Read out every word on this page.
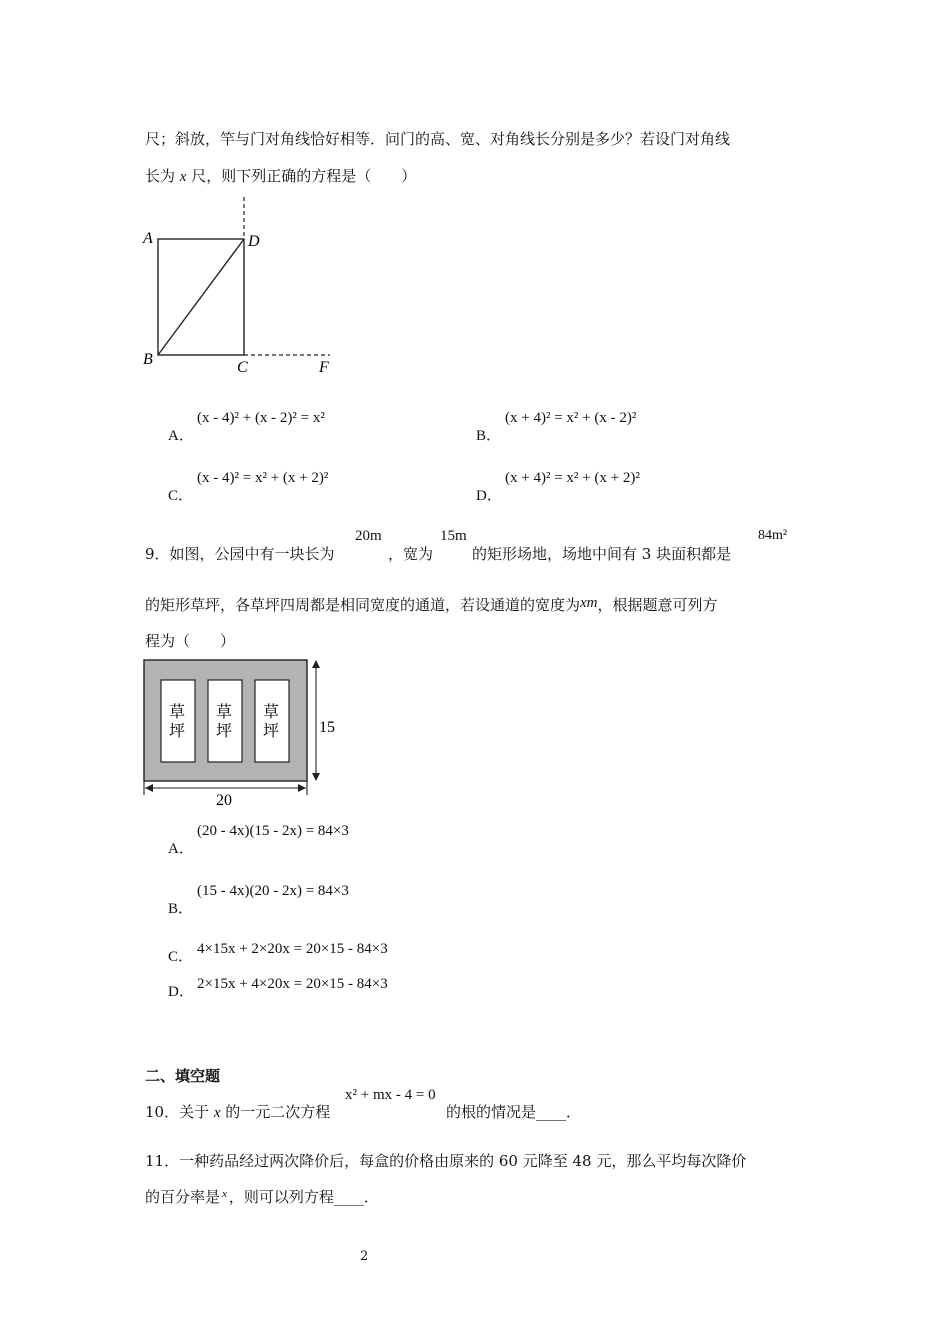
尺；斜放，竿与门对角线恰好相等．问门的高、宽、对角线长分别是多少？若设门对角线
长为 x 尺，则下列正确的方程是（　　）
A	D
B	C	F
A．
(x - 4)² + (x - 2)² = x²
B．
(x + 4)² = x² + (x - 2)²
C．
(x - 4)² = x² + (x + 2)²
D．
(x + 4)² = x² + (x + 2)²
9．如图，公园中有一块长为
20m
，宽为
15m
的矩形场地，场地中间有 3 块面积都是
84m²
的矩形草坪，各草坪四周都是相同宽度的通道，若设通道的宽度为xm，根据题意可列方
程为（　　）
草
坪
草
坪
草
坪 15
20
A．
(20 - 4x)(15 - 2x) = 84×3
B．
(15 - 4x)(20 - 2x) = 84×3
C． 4×15x + 2×20x = 20×15 - 84×3
D． 2×15x + 4×20x = 20×15 - 84×3
二、填空题
10．关于 x 的一元二次方程
x² + mx - 4 = 0
的根的情况是____．
11．一种药品经过两次降价后，每盒的价格由原来的 60 元降至 48 元，那么平均每次降价
的百分率是 $^x$ ，则可以列方程____．
2
